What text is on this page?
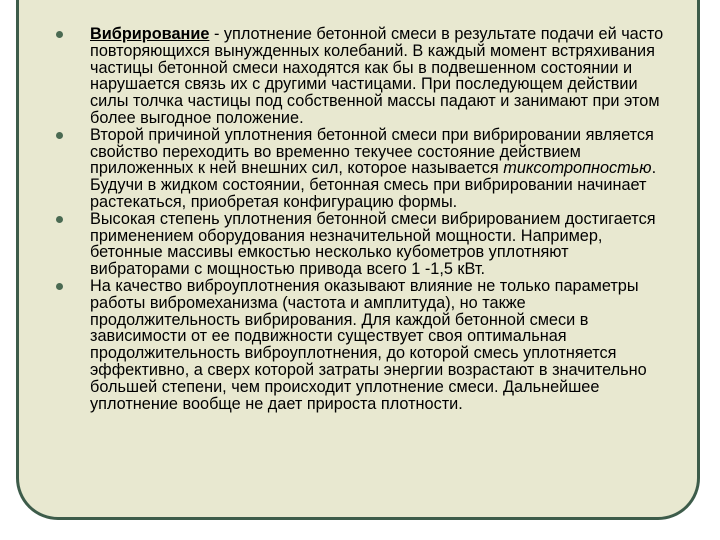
Вибрирование - уплотнение бетонной смеси в результате подачи ей часто повторяющихся вынужденных колебаний. В каждый момент встряхивания частицы бетонной смеси находятся как бы в подвешенном состоянии и нарушается связь их с другими частицами. При последующем действии силы толчка частицы под собственной массы падают и занимают при этом более выгодное положение.
Второй причиной уплотнения бетонной смеси при вибрировании является свойство переходить во временно текучее состояние действием приложенных к ней внешних сил, которое называется тиксотропностью. Будучи в жидком состоянии, бетонная смесь при вибрировании начинает растекаться, приобретая конфигурацию формы.
Высокая степень уплотнения бетонной смеси вибрированием достигается применением оборудования незначительной мощности. Например, бетонные массивы емкостью несколько кубометров уплотняют вибраторами с мощностью привода всего 1 -1,5 кВт.
На качество виброуплотнения оказывают влияние не только параметры работы вибромеханизма (частота и амплитуда), но также продолжительность вибрирования. Для каждой бетонной смеси в зависимости от ее подвижности существует своя оптимальная продолжительность виброуплотнения, до которой смесь уплотняется эффективно, а сверх которой затраты энергии возрастают в значительно большей степени, чем происходит уплотнение смеси. Дальнейшее уплотнение вообще не дает прироста плотности.
